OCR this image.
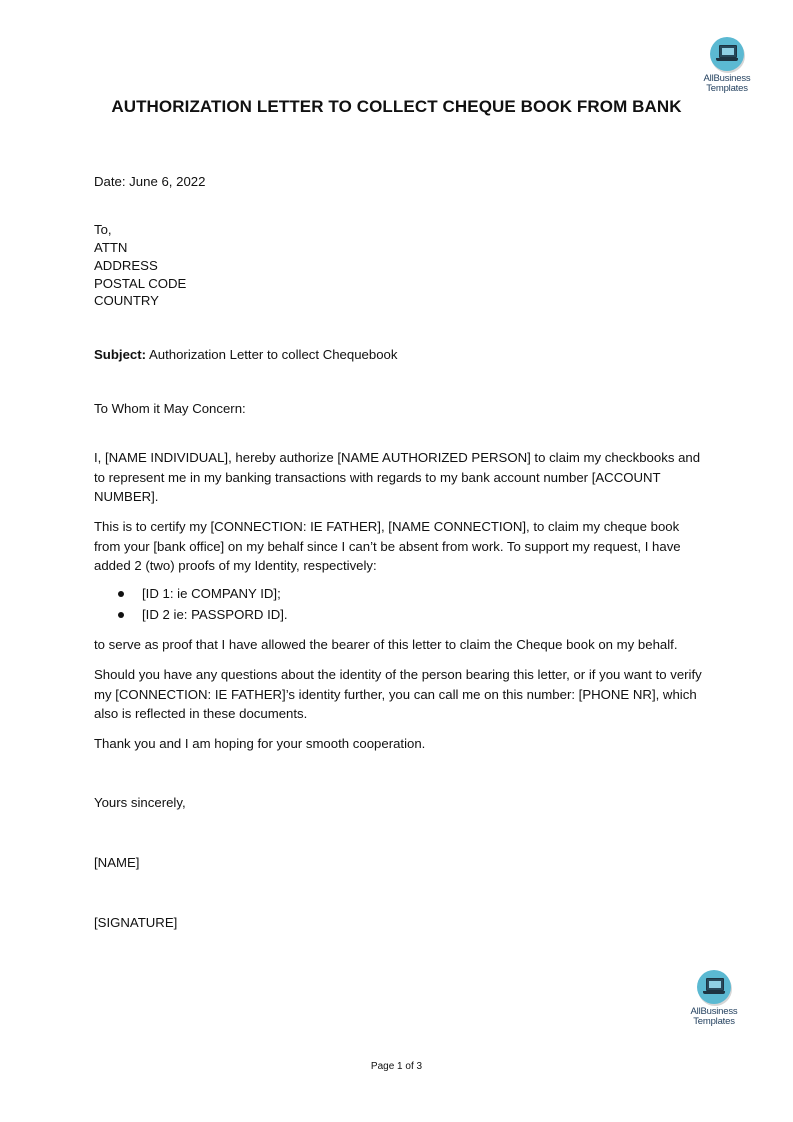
AllBusiness
Templates
AUTHORIZATION LETTER TO COLLECT CHEQUE BOOK FROM BANK
Date: June 6, 2022
To,
ATTN
ADDRESS
POSTAL CODE
COUNTRY
Subject: Authorization Letter to collect Chequebook
To Whom it May Concern:
I, [NAME INDIVIDUAL], hereby authorize [NAME AUTHORIZED PERSON] to claim my checkbooks and to represent me in my banking transactions with regards to my bank account number [ACCOUNT NUMBER].
This is to certify my [CONNECTION: IE FATHER], [NAME CONNECTION], to claim my cheque book from your [bank office] on my behalf since I can’t be absent from work. To support my request, I have added 2 (two) proofs of my Identity, respectively:
[ID 1: ie COMPANY ID];
[ID 2 ie: PASSPORD ID].
to serve as proof that I have allowed the bearer of this letter to claim the Cheque book on my behalf.
Should you have any questions about the identity of the person bearing this letter, or if you want to verify my [CONNECTION: IE FATHER]’s identity further, you can call me on this number: [PHONE NR], which also is reflected in these documents.
Thank you and I am hoping for your smooth cooperation.
Yours sincerely,
[NAME]
[SIGNATURE]
AllBusiness
Templates
Page 1 of 3
